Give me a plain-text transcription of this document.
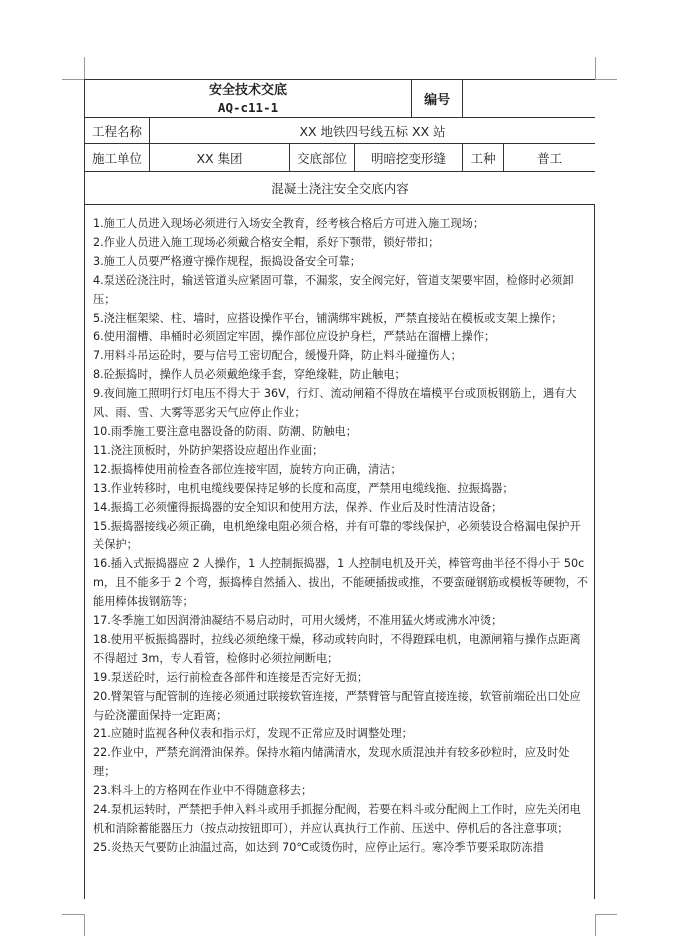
安全技术交底
AQ-c11-1				编号		
工程名称	XX 地铁四号线五标 XX 站					
施工单位	XX 集团	交底部位	明暗挖变形缝		工种	普工
混凝土浇注安全交底内容						

1.施工人员进入现场必须进行入场安全教育，经考核合格后方可进入施工现场；

2.作业人员进入施工现场必须戴合格安全帽，系好下颚带，锁好带扣；

3.施工人员要严格遵守操作规程，振捣设备安全可靠；

4.泵送砼浇注时，输送管道头应紧固可靠，不漏浆，安全阀完好，管道支架要牢固，检修时必须卸压；

5.浇注框架梁、柱、墙时，应搭设操作平台，铺满绑牢跳板，严禁直接站在模板或支架上操作；

6.使用溜槽、串桶时必须固定牢固，操作部位应设护身栏，严禁站在溜槽上操作；

7.用料斗吊运砼时，要与信号工密切配合，缓慢升降，防止料斗碰撞伤人；

8.砼振捣时，操作人员必须戴绝缘手套，穿绝缘鞋，防止触电；

9.夜间施工照明行灯电压不得大于 36V，行灯、流动闸箱不得放在墙模平台或顶板钢筋上，遇有大风、雨、雪、大雾等恶劣天气应停止作业；

10.雨季施工要注意电器设备的防雨、防潮、防触电；

11.浇注顶板时，外防护架搭设应超出作业面；

12.振捣棒使用前检查各部位连接牢固，旋转方向正确，清洁；

13.作业转移时，电机电缆线要保持足够的长度和高度，严禁用电缆线拖、拉振捣器；

14.振捣工必须懂得振捣器的安全知识和使用方法，保养、作业后及时性清洁设备；

15.振捣器接线必须正确，电机绝缘电阻必须合格，并有可靠的零线保护，必须装设合格漏电保护开关保护；

16.插入式振捣器应 2 人操作，1 人控制振捣器，1 人控制电机及开关，棒管弯曲半径不得小于 50cm，且不能多于 2 个弯，振捣棒自然插入、拔出，不能硬插拔或推，不要蛮碰钢筋或模板等硬物，不能用棒体拔钢筋等；

17.冬季施工如因润滑油凝结不易启动时，可用火缓烤，不准用猛火烤或沸水冲烫；

18.使用平板振捣器时，拉线必须绝缘干燥，移动或转向时，不得蹬踩电机，电源闸箱与操作点距离不得超过 3m，专人看管，检修时必须拉闸断电；

19.泵送砼时，运行前检查各部件和连接是否完好无损；

20.臂架管与配管制的连接必须通过联接软管连接，严禁臂管与配管直接连接，软管前端砼出口处应与砼浇灌面保持一定距离；

21.应随时监视各种仪表和指示灯，发现不正常应及时调整处理；

22.作业中，严禁充润滑油保养。保持水箱内储满清水，发现水质混浊并有较多砂粒时，应及时处理；

23.料斗上的方格网在作业中不得随意移去；

24.泵机运转时，严禁把手伸入料斗或用手抓握分配阀，若要在料斗或分配阀上工作时，应先关闭电机和消除蓄能器压力（按点动按钮即可），并应认真执行工作前、压送中、停机后的各注意事项；

25.炎热天气要防止油温过高，如达到 70℃或烫伤时，应停止运行。寒冷季节要采取防冻措
